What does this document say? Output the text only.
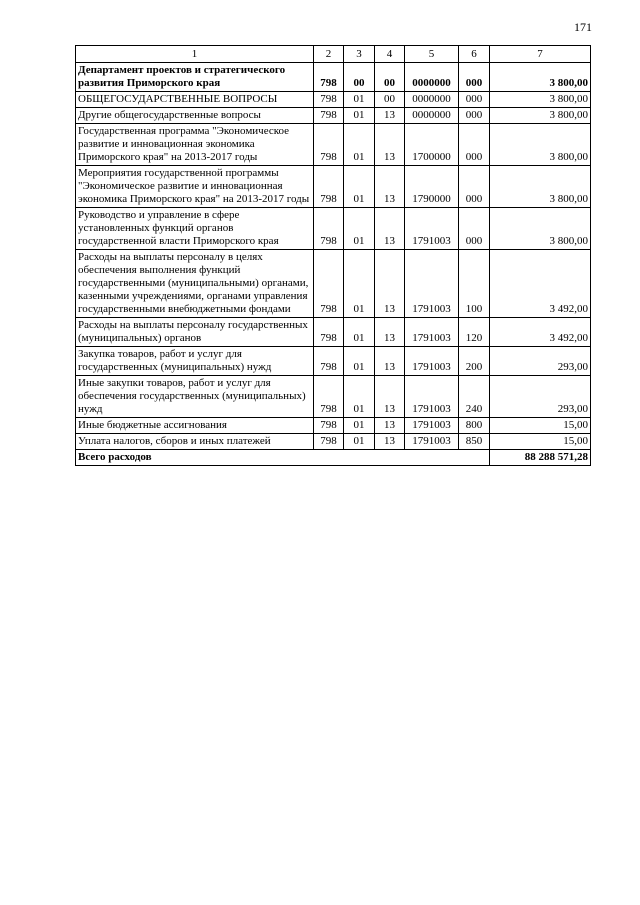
171
1	2	3	4	5	6	7
Департамент проектов и стратегического развития Приморского края	798	00	00	0000000	000	3 800,00
ОБЩЕГОСУДАРСТВЕННЫЕ ВОПРОСЫ	798	01	00	0000000	000	3 800,00
Другие общегосударственные вопросы	798	01	13	0000000	000	3 800,00
Государственная программа "Экономическое развитие и инновационная экономика Приморского края" на 2013-2017 годы	798	01	13	1700000	000	3 800,00
Мероприятия государственной программы "Экономическое развитие и инновационная экономика Приморского края" на 2013-2017 годы	798	01	13	1790000	000	3 800,00
Руководство и управление в сфере установленных функций органов государственной власти Приморского края	798	01	13	1791003	000	3 800,00
Расходы на выплаты персоналу в целях обеспечения выполнения функций государственными (муниципальными) органами, казенными учреждениями, органами управления государственными внебюджетными фондами	798	01	13	1791003	100	3 492,00
Расходы на выплаты персоналу государственных (муниципальных) органов	798	01	13	1791003	120	3 492,00
Закупка товаров, работ и услуг для государственных (муниципальных) нужд	798	01	13	1791003	200	293,00
Иные закупки товаров, работ и услуг для обеспечения государственных (муниципальных) нужд	798	01	13	1791003	240	293,00
Иные бюджетные ассигнования	798	01	13	1791003	800	15,00
Уплата налогов, сборов и иных платежей	798	01	13	1791003	850	15,00
Всего расходов						88 288 571,28
